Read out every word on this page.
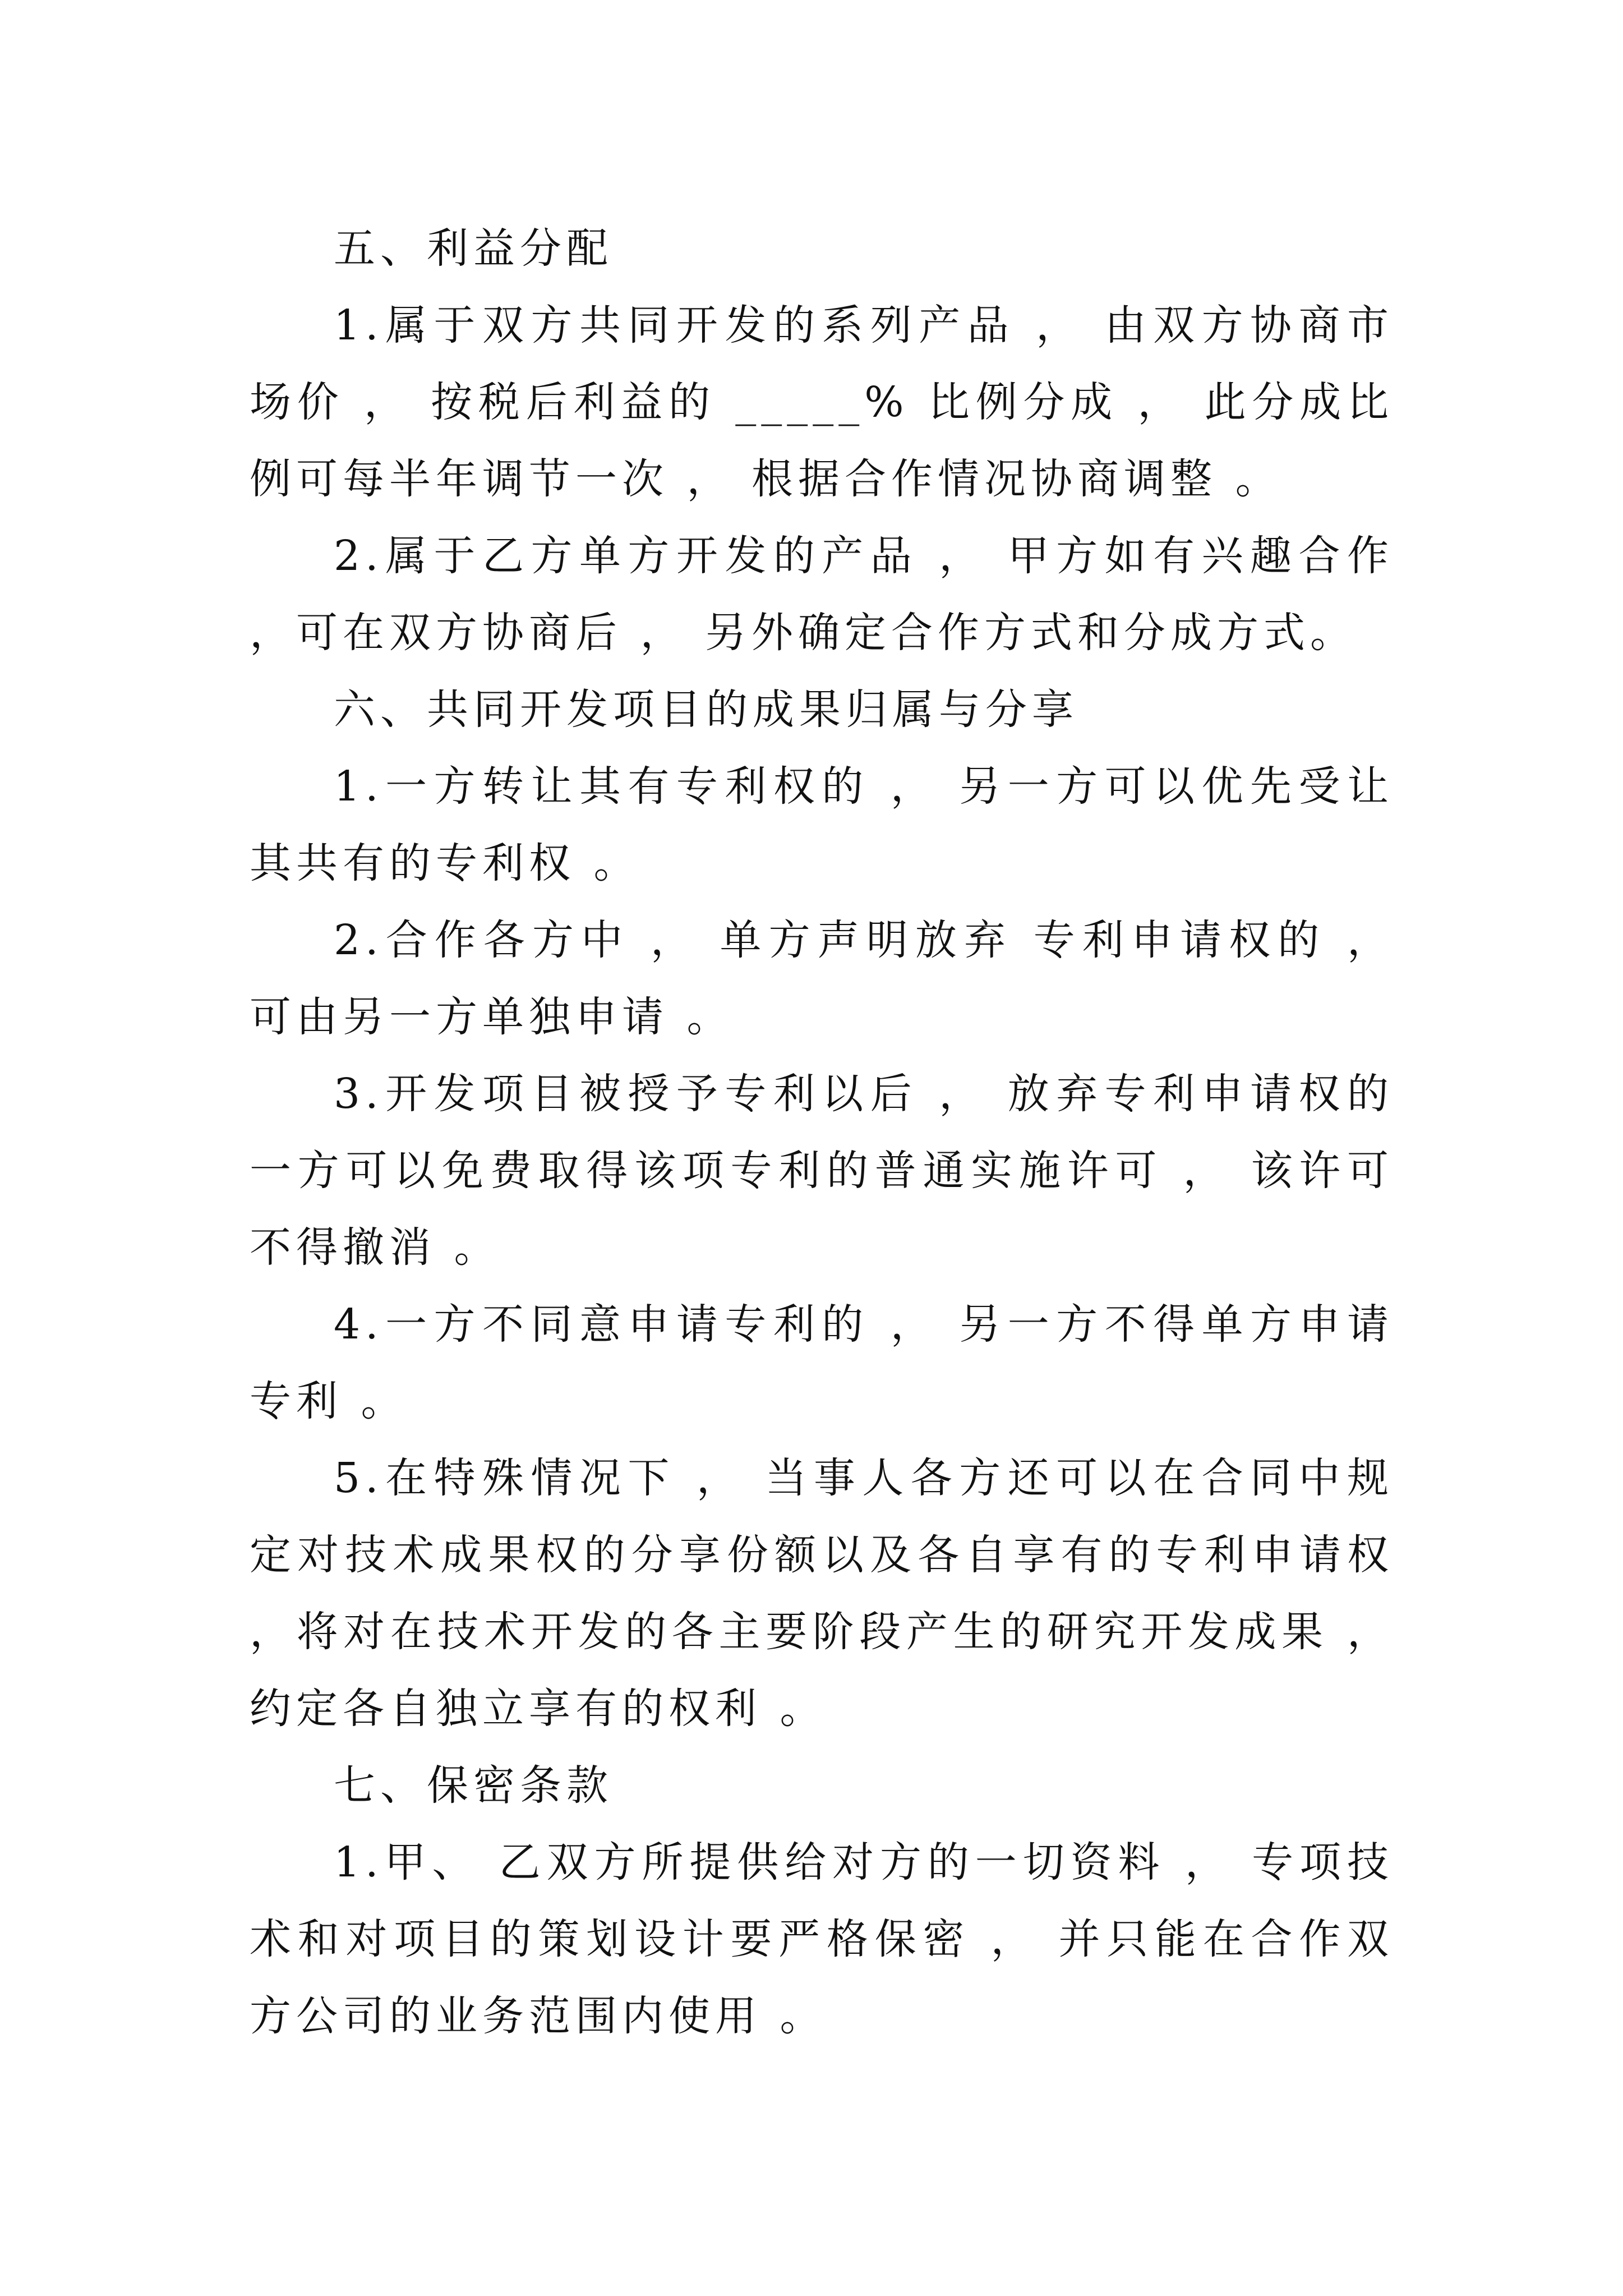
五、利益分配

1.属于双方共同开发的系列产品 ， 由双方协商市场价 ， 按税后利益的 _____% 比例分成 ， 此分成比例可每半年调节一次 ， 根据合作情况协商调整 。

2.属于乙方单方开发的产品 ， 甲方如有兴趣合作 ，可在双方协商后 ， 另外确定合作方式和分成方式。

六、共同开发项目的成果归属与分享

1.一方转让其有专利权的 ， 另一方可以优先受让其共有的专利权 。

2.合作各方中 ， 单方声明放弃 专利申请权的 ， 可由另一方单独申请 。

3.开发项目被授予专利以后 ， 放弃专利申请权的一方可以免费取得该项专利的普通实施许可 ， 该许可不得撤消 。

4.一方不同意申请专利的 ， 另一方不得单方申请专利 。

5.在特殊情况下 ， 当事人各方还可以在合同中规定对技术成果权的分享份额以及各自享有的专利申请权 ，将对在技术开发的各主要阶段产生的研究开发成果 ， 约定各自独立享有的权利 。

七、保密条款

1.甲、 乙双方所提供给对方的一切资料 ， 专项技术和对项目的策划设计要严格保密 ， 并只能在合作双方公司的业务范围内使用 。
